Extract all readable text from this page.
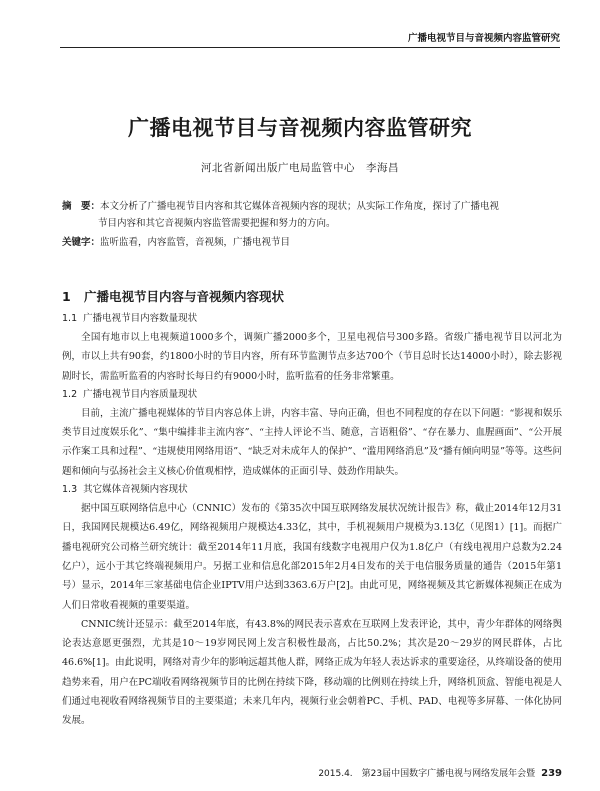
广播电视节目与音视频内容监管研究
广播电视节目与音视频内容监管研究
河北省新闻出版广电局监管中心　李海昌
摘　要：本文分析了广播电视节目内容和其它媒体音视频内容的现状；从实际工作角度，探讨了广播电视
节目内容和其它音视频内容监管需要把握和努力的方向。
关键字：监听监看，内容监管，音视频，广播电视节目
1 广播电视节目内容与音视频内容现状
1.1 广播电视节目内容数量现状

全国有地市以上电视频道1000多个，调频广播2000多个，卫星电视信号300多路。省级广播电视节目以河北为例，市以上共有90套，约1800小时的节目内容，所有环节监测节点多达700个（节目总时长达14000小时），除去影视剧时长，需监听监看的内容时长每日约有9000小时，监听监看的任务非常繁重。

1.2 广播电视节目内容质量现状

目前，主流广播电视媒体的节目内容总体上讲，内容丰富、导向正确，但也不同程度的存在以下问题：“影视和娱乐类节目过度娱乐化”、“集中编排非主流内容”、“主持人评论不当、随意，言语粗俗”、“存在暴力、血腥画面”、“公开展示作案工具和过程”、“违规使用网络用语”、“缺乏对未成年人的保护”、“滥用网络消息”及“播有倾向明显”等等。这些问题和倾向与弘扬社会主义核心价值观相悖，造成媒体的正面引导、鼓劲作用缺失。

1.3 其它媒体音视频内容现状

据中国互联网络信息中心（CNNIC）发布的《第35次中国互联网络发展状况统计报告》称，截止2014年12月31日，我国网民规模达6.49亿，网络视频用户规模达4.33亿，其中，手机视频用户规模为3.13亿（见图1）[1]。而据广播电视研究公司格兰研究统计：截至2014年11月底，我国有线数字电视用户仅为1.8亿户（有线电视用户总数为2.24亿户），远小于其它终端视频用户。另据工业和信息化部2015年2月4日发布的关于电信服务质量的通告（2015年第1号）显示，2014年三家基础电信企业IPTV用户达到3363.6万户[2]。由此可见，网络视频及其它新媒体视频正在成为人们日常收看视频的重要渠道。

CNNIC统计还显示：截至2014年底，有43.8%的网民表示喜欢在互联网上发表评论，其中，青少年群体的网络舆论表达意愿更强烈，尤其是10～19岁网民网上发言积极性最高，占比50.2%；其次是20～29岁的网民群体，占比46.6%[1]。由此说明，网络对青少年的影响远超其他人群，网络正成为年轻人表达诉求的重要途径，从终端设备的使用趋势来看，用户在PC端收看网络视频节目的比例在持续下降，移动端的比例则在持续上升，网络机顶盒、智能电视是人们通过电视收看网络视频节目的主要渠道；未来几年内，视频行业会朝着PC、手机、PAD、电视等多屏幕、一体化协同发展。

2015.4.　第23届中国数字广播电视与网络发展年会暨 239
